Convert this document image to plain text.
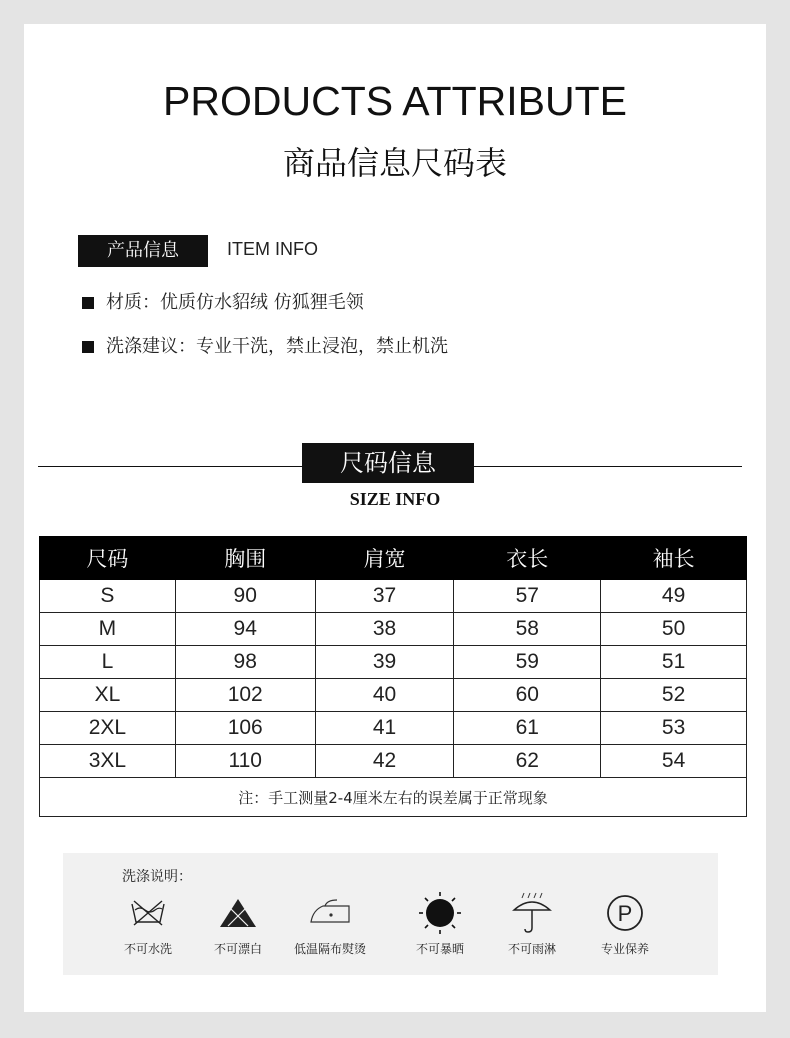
PRODUCTS ATTRIBUTE
商品信息尺码表
产品信息	ITEM INFO
材质：优质仿水貂绒 仿狐狸毛领
洗涤建议：专业干洗，禁止浸泡，禁止机洗
尺码信息
SIZE INFO
尺码	胸围	肩宽	衣长	袖长
S	90	37	57	49
M	94	38	58	50
L	98	39	59	51
XL	102	40	60	52
2XL	106	41	61	53
3XL	110	42	62	54
注：手工测量2-4厘米左右的误差属于正常现象				
洗涤说明：
不可水洗	不可漂白	低温隔布熨烫	不可暴晒	不可雨淋
P
专业保养
